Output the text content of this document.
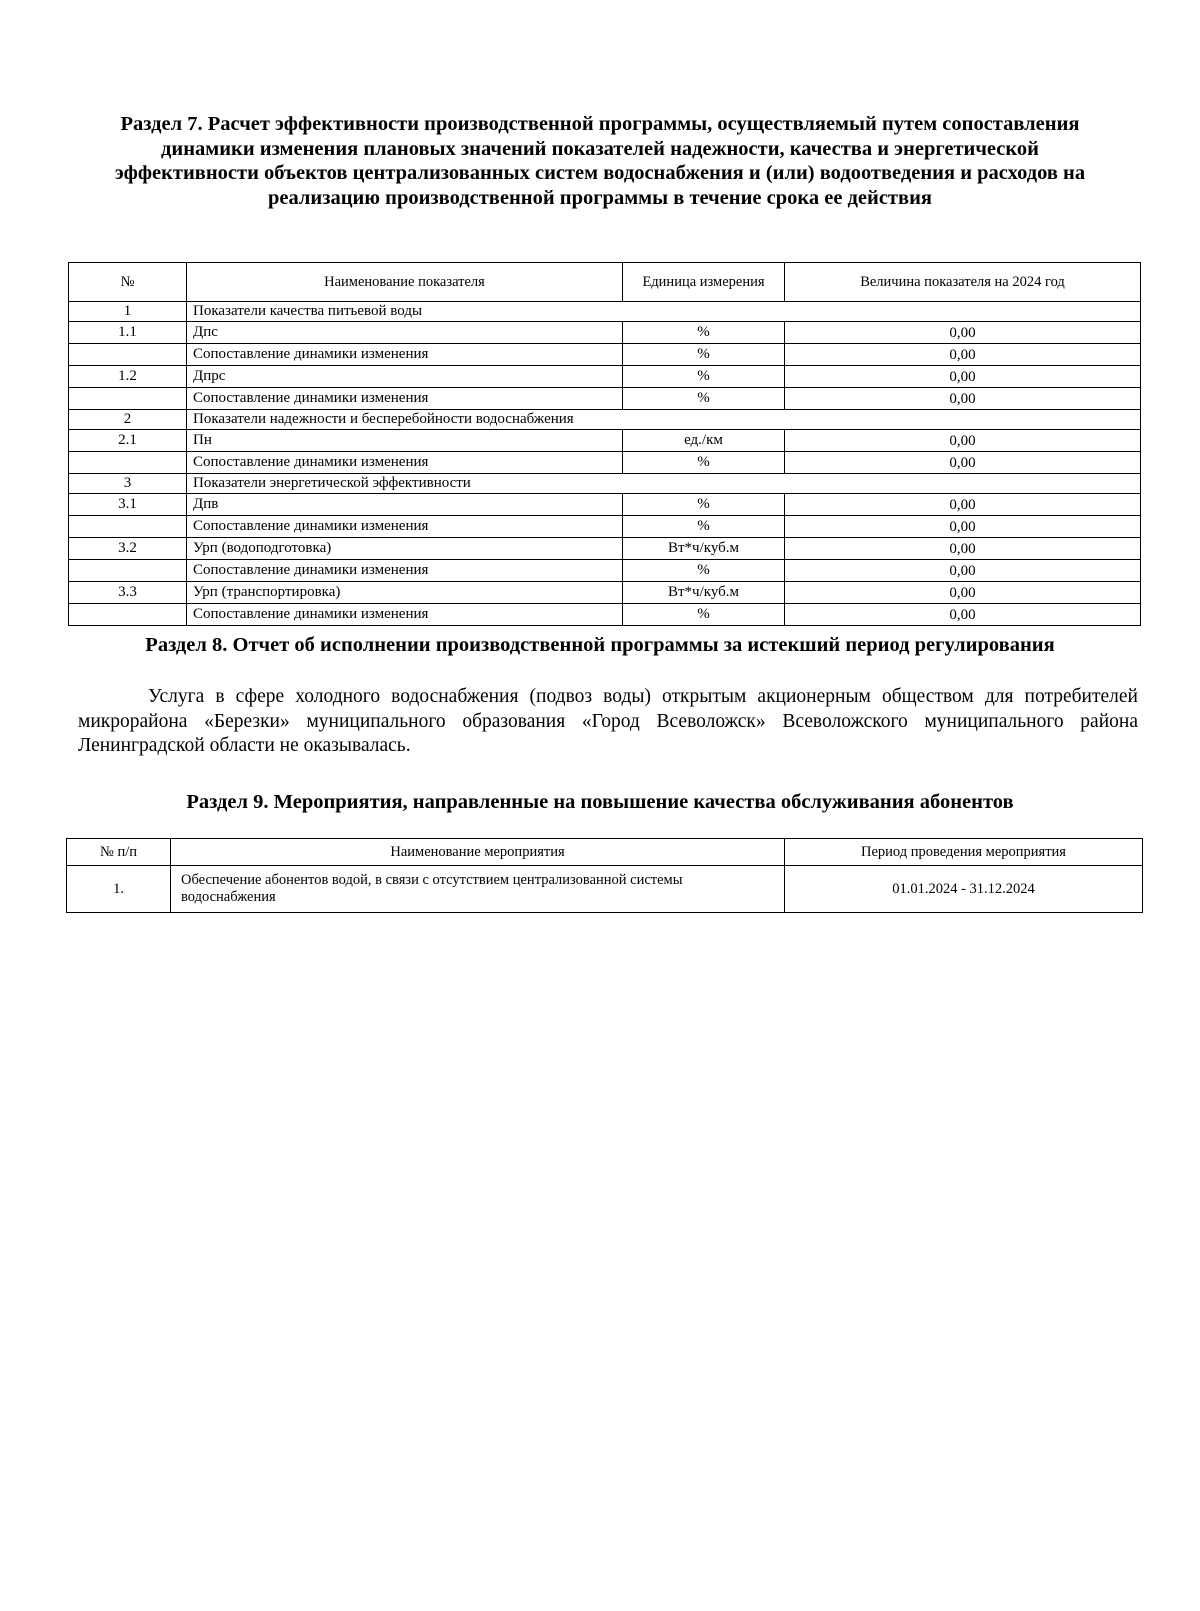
Раздел 7. Расчет эффективности производственной программы, осуществляемый путем сопоставления динамики изменения плановых значений показателей надежности, качества и энергетической эффективности объектов централизованных систем водоснабжения и (или) водоотведения и расходов на реализацию производственной программы в течение срока ее действия
№	Наименование показателя	Единица измерения	Величина показателя на 2024 год
1	Показатели качества питьевой воды		
1.1	Дпс	%	0,00
	Сопоставление динамики изменения	%	0,00
1.2	Дпрс	%	0,00
	Сопоставление динамики изменения	%	0,00
2	Показатели надежности и бесперебойности водоснабжения		
2.1	Пн	ед./км	0,00
	Сопоставление динамики изменения	%	0,00
3	Показатели энергетической эффективности		
3.1	Дпв	%	0,00
	Сопоставление динамики изменения	%	0,00
3.2	Урп (водоподготовка)	Вт*ч/куб.м	0,00
	Сопоставление динамики изменения	%	0,00
3.3	Урп (транспортировка)	Вт*ч/куб.м	0,00
	Сопоставление динамики изменения	%	0,00
Раздел 8. Отчет об исполнении производственной программы за истекший период регулирования
Услуга в сфере холодного водоснабжения (подвоз воды) открытым акционерным обществом для потребителей микрорайона «Березки» муниципального образования «Город Всеволожск» Всеволожского муниципального района Ленинградской области не оказывалась.
Раздел 9. Мероприятия, направленные на повышение качества обслуживания абонентов
№ п/п	Наименование мероприятия	Период проведения мероприятия
1.	Обеспечение абонентов водой, в связи с отсутствием централизованной системы водоснабжения	01.01.2024 - 31.12.2024
